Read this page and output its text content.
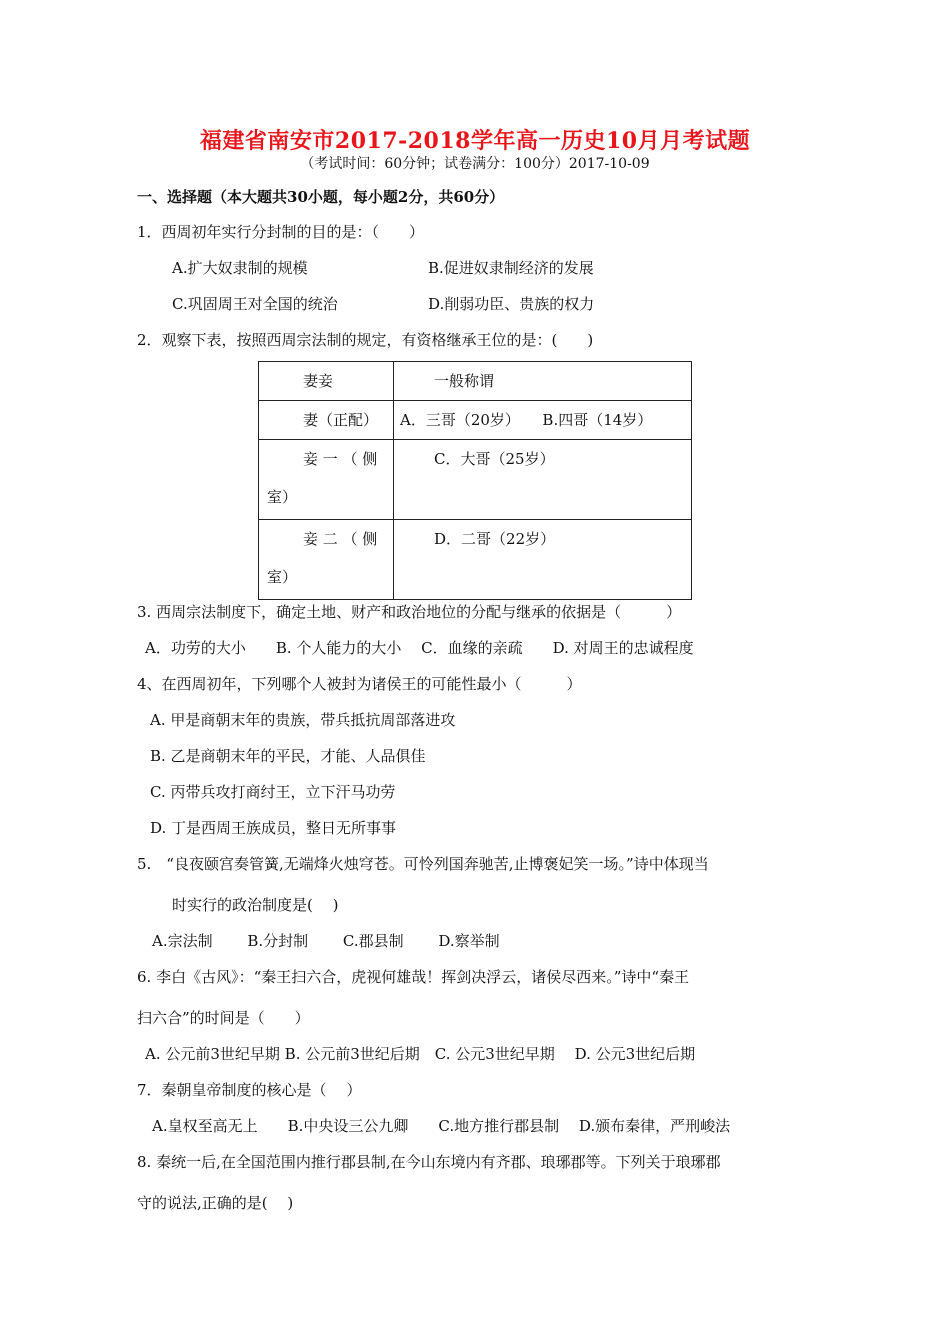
福建省南安市2017-2018学年高一历史10月月考试题
（考试时间：60分钟；试卷满分：100分）2017-10-09
一、选择题（本大题共30小题，每小题2分，共60分）
1．西周初年实行分封制的目的是：（　　）
A.扩大奴隶制的规模	B.促进奴隶制经济的发展
C.巩固周王对全国的统治	D.削弱功臣、贵族的权力
2．观察下表，按照西周宗法制的规定，有资格继承王位的是：(　　)
妻妾	一般称谓

妻（正配）	A．三哥（20岁）　　B.四哥（14岁）

妾 一 （ 侧
室）	C．大哥（25岁）

妾 二 （ 侧
室）	D．二哥（22岁）
3. 西周宗法制度下，确定土地、财产和政治地位的分配与继承的依据是（　　　）
A．功劳的大小　　B. 个人能力的大小　 C．血缘的亲疏　　D. 对周王的忠诚程度
4、在西周初年，下列哪个人被封为诸侯王的可能性最小（　　　）
A. 甲是商朝末年的贵族，带兵抵抗周部落进攻
B. 乙是商朝末年的平民，才能、人品俱佳
C. 丙带兵攻打商纣王，立下汗马功劳
D. 丁是西周王族成员，整日无所事事
5.　“良夜颐宫奏管簧,无端烽火烛穹苍。可怜列国奔驰苦,止博褒妃笑一场。”诗中体现当
时实行的政治制度是(　 )
A.宗法制　　 B.分封制　　 C.郡县制　　 D.察举制
6. 李白《古风》：“秦王扫六合，虎视何雄哉！挥剑决浮云，诸侯尽西来。”诗中“秦王
扫六合”的时间是（　　）
A. 公元前3世纪早期 B. 公元前3世纪后期　C. 公元3世纪早期　 D. 公元3世纪后期
7．秦朝皇帝制度的核心是（　 ）
A.皇权至高无上　　B.中央设三公九卿　　C.地方推行郡县制　 D.颁布秦律，严刑峻法
8. 秦统一后,在全国范围内推行郡县制,在今山东境内有齐郡、琅琊郡等。下列关于琅琊郡
守的说法,正确的是(　 )
